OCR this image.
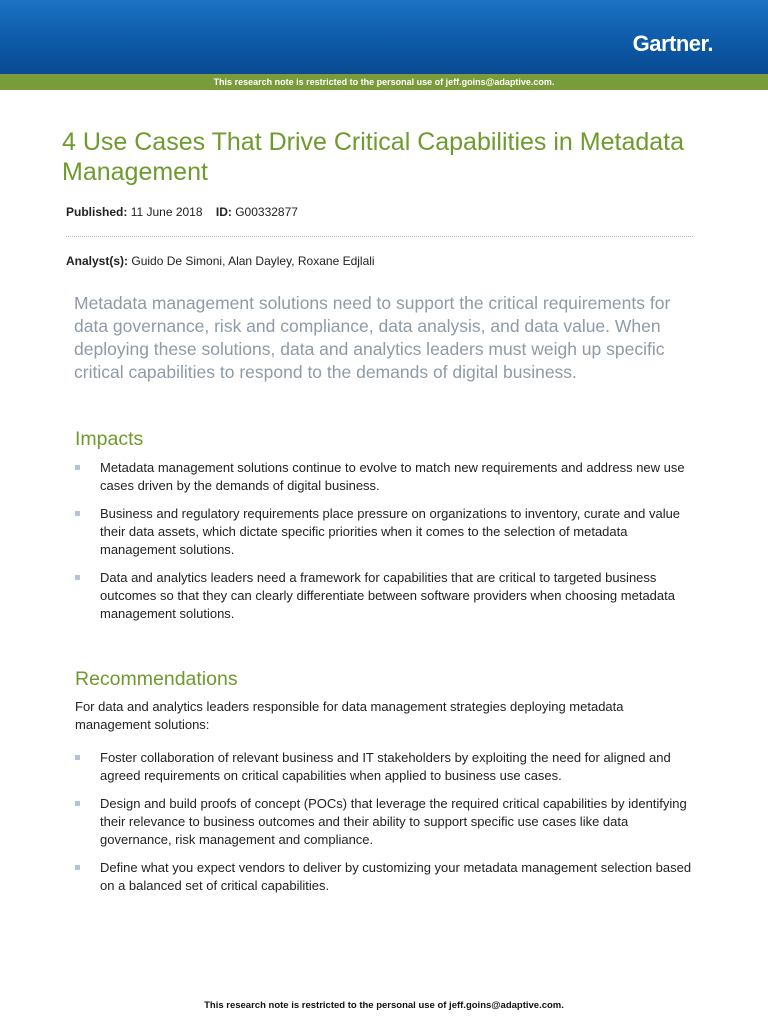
Gartner.
This research note is restricted to the personal use of jeff.goins@adaptive.com.
4 Use Cases That Drive Critical Capabilities in Metadata Management
Published: 11 June 2018 ID: G00332877
Analyst(s): Guido De Simoni, Alan Dayley, Roxane Edjlali
Metadata management solutions need to support the critical requirements for data governance, risk and compliance, data analysis, and data value. When deploying these solutions, data and analytics leaders must weigh up specific critical capabilities to respond to the demands of digital business.
Impacts
Metadata management solutions continue to evolve to match new requirements and address new use cases driven by the demands of digital business.
Business and regulatory requirements place pressure on organizations to inventory, curate and value their data assets, which dictate specific priorities when it comes to the selection of metadata management solutions.
Data and analytics leaders need a framework for capabilities that are critical to targeted business outcomes so that they can clearly differentiate between software providers when choosing metadata management solutions.
Recommendations
For data and analytics leaders responsible for data management strategies deploying metadata management solutions:
Foster collaboration of relevant business and IT stakeholders by exploiting the need for aligned and agreed requirements on critical capabilities when applied to business use cases.
Design and build proofs of concept (POCs) that leverage the required critical capabilities by identifying their relevance to business outcomes and their ability to support specific use cases like data governance, risk management and compliance.
Define what you expect vendors to deliver by customizing your metadata management selection based on a balanced set of critical capabilities.
This research note is restricted to the personal use of jeff.goins@adaptive.com.
